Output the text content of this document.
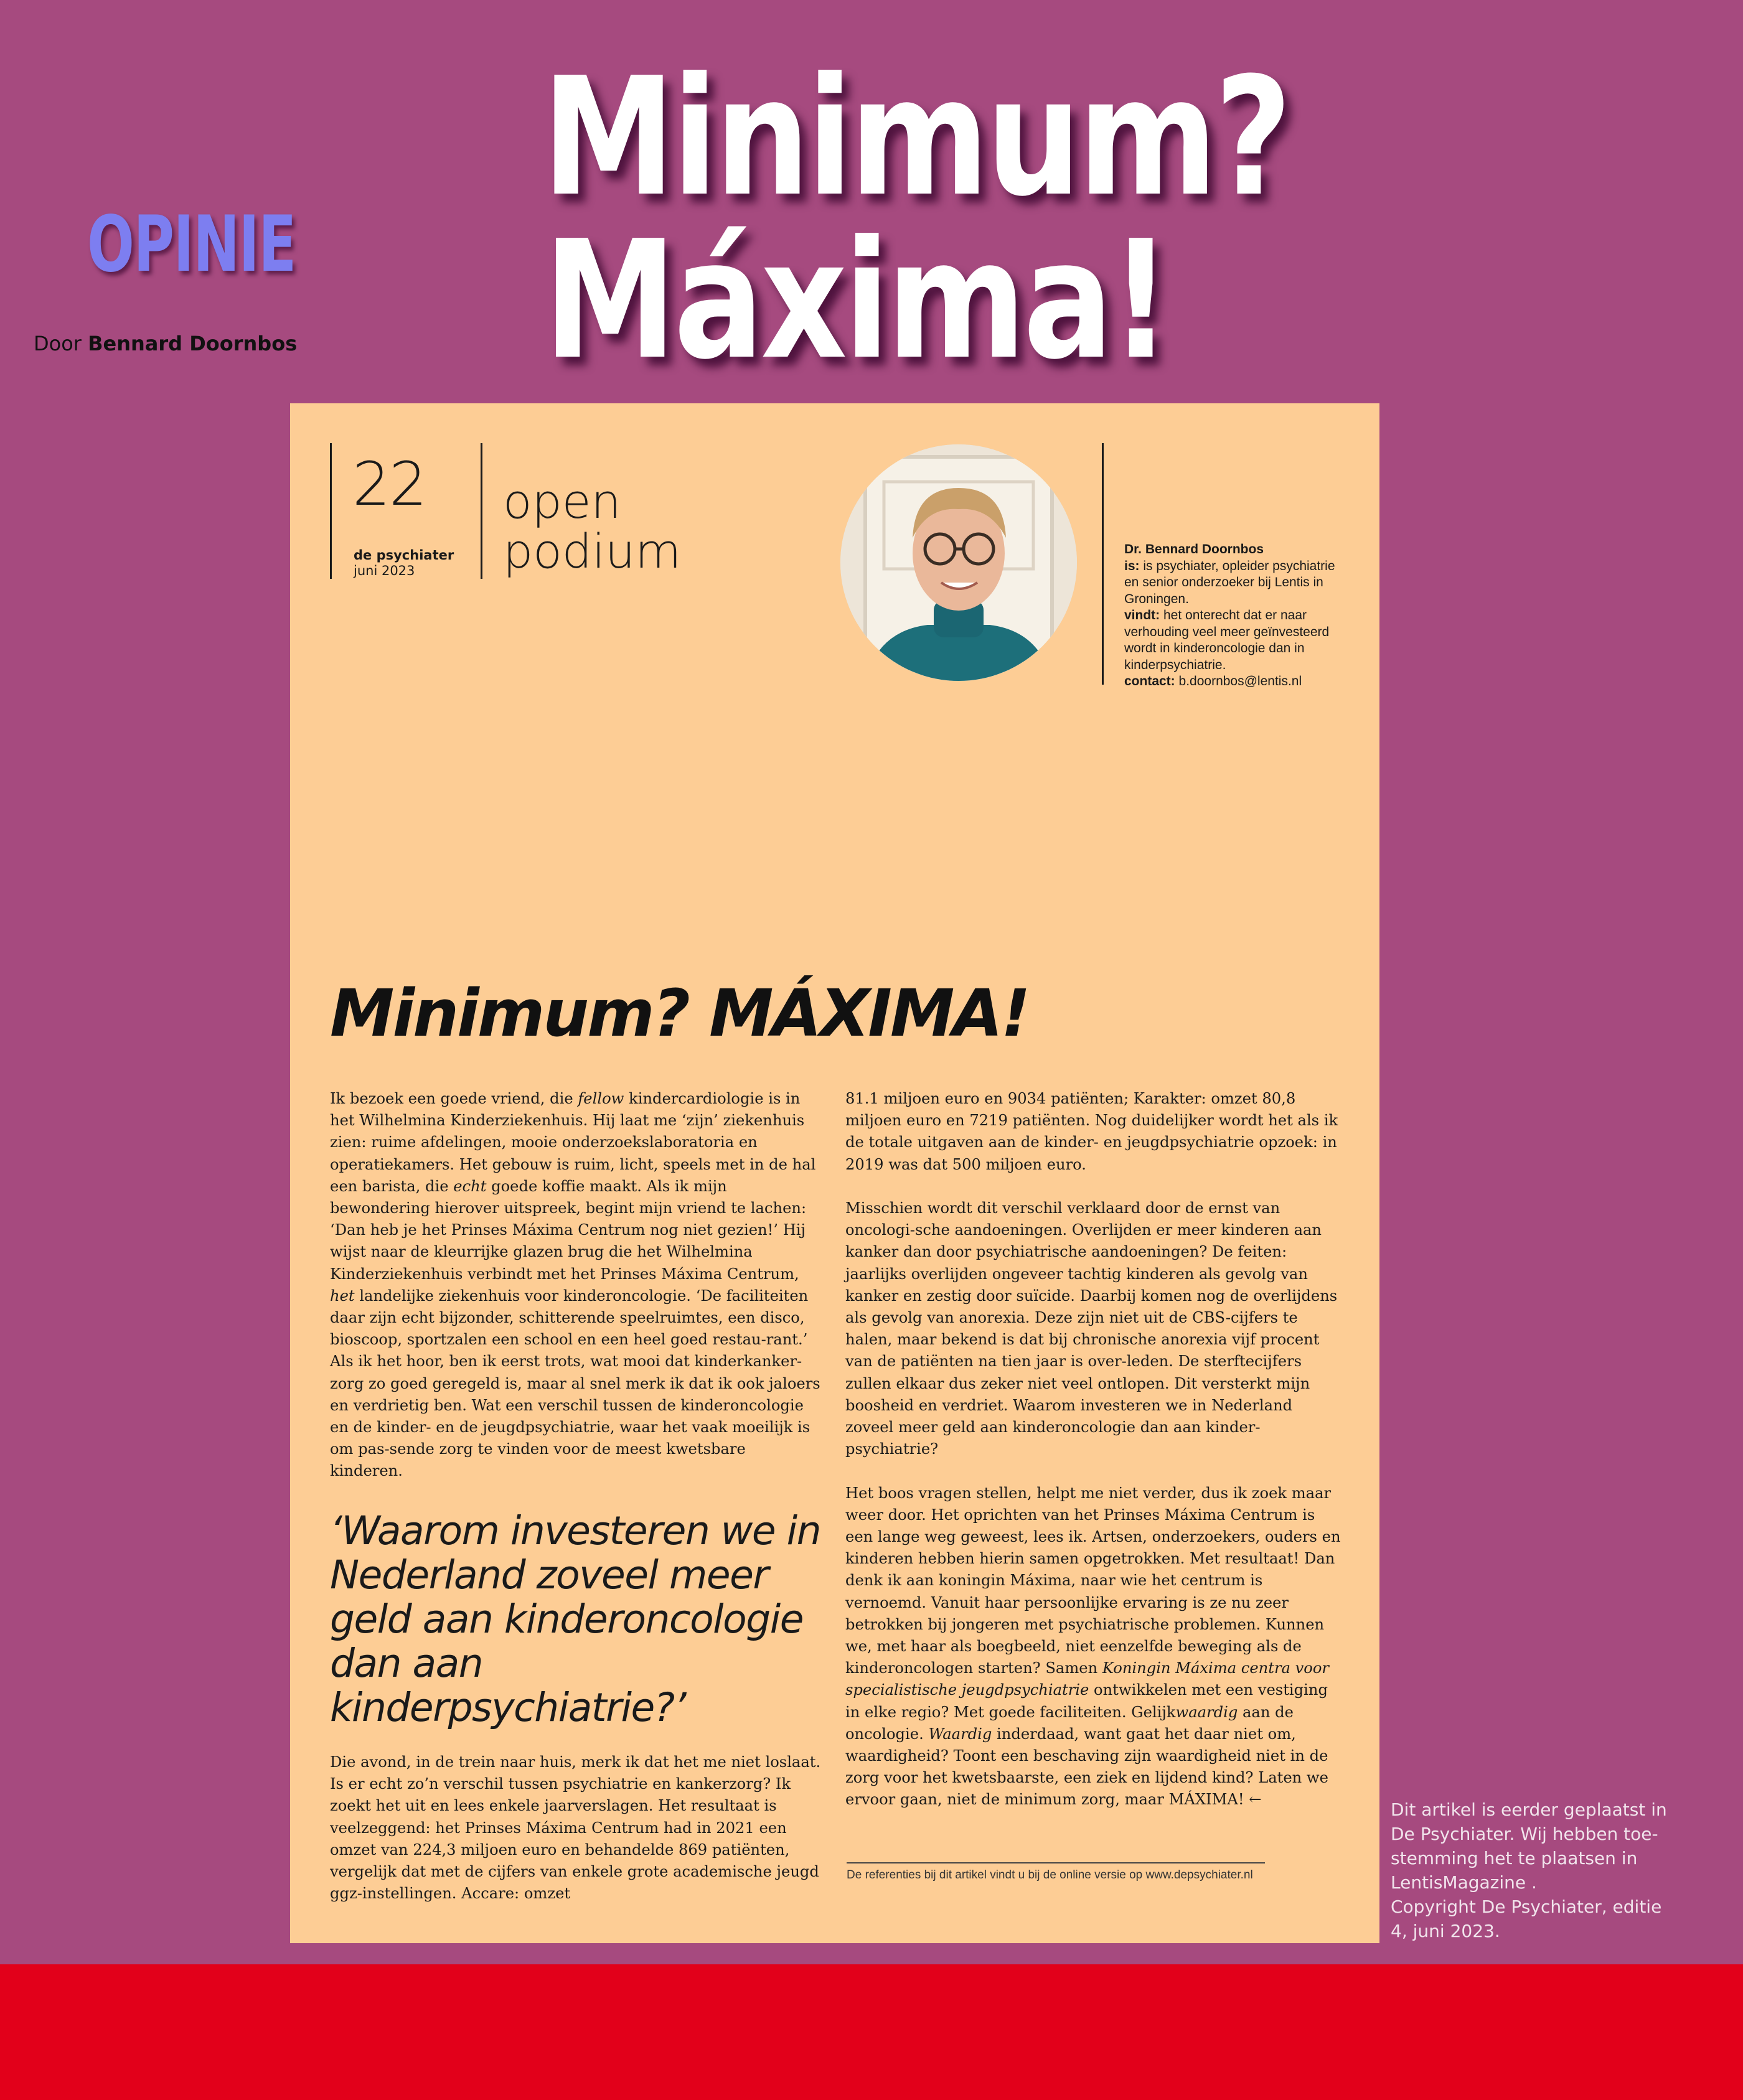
Minimum?
Máxima!
OPINIE
Door Bennard Doornbos
22
de psychiater
juni 2023
open
podium	Dr. Bennard Doornbos
is: is psychiater, opleider psychiatrie en senior onderzoeker bij Lentis in Groningen.
vindt: het onterecht dat er naar verhouding veel meer geïnvesteerd wordt in kinderoncologie dan in kinderpsychiatrie.
contact: b.doornbos@lentis.nl
Minimum? MÁXIMA!

Ik bezoek een goede vriend, die fellow kindercardiologie is in het Wilhelmina Kinderziekenhuis. Hij laat me ‘zijn’ ziekenhuis zien: ruime afdelingen, mooie onderzoekslaboratoria en operatiekamers. Het gebouw is ruim, licht, speels met in de hal een barista, die echt goede koffie maakt. Als ik mijn bewondering hierover uitspreek, begint mijn vriend te lachen: ‘Dan heb je het Prinses Máxima Centrum nog niet gezien!’ Hij wijst naar de kleurrijke glazen brug die het Wilhelmina Kinderziekenhuis verbindt met het Prinses Máxima Centrum, het landelijke ziekenhuis voor kinderoncologie. ‘De faciliteiten daar zijn echt bijzonder, schitterende speelruimtes, een disco, bioscoop, sportzalen een school en een heel goed restau-rant.’ Als ik het hoor, ben ik eerst trots, wat mooi dat kinderkanker-zorg zo goed geregeld is, maar al snel merk ik dat ik ook jaloers en verdrietig ben. Wat een verschil tussen de kinderoncologie en de kinder- en de jeugdpsychiatrie, waar het vaak moeilijk is om pas-sende zorg te vinden voor de meest kwetsbare kinderen.

‘Waarom investeren we in Nederland zoveel meer geld aan kinderoncologie dan aan kinderpsychiatrie?’

Die avond, in de trein naar huis, merk ik dat het me niet loslaat. Is er echt zo’n verschil tussen psychiatrie en kankerzorg? Ik zoekt het uit en lees enkele jaarverslagen. Het resultaat is veelzeggend: het Prinses Máxima Centrum had in 2021 een omzet van 224,3 miljoen euro en behandelde 869 patiënten, vergelijk dat met de cijfers van enkele grote academische jeugd ggz-instellingen. Accare: omzet

81.1 miljoen euro en 9034 patiënten; Karakter: omzet 80,8 miljoen euro en 7219 patiënten. Nog duidelijker wordt het als ik de totale uitgaven aan de kinder- en jeugdpsychiatrie opzoek: in 2019 was dat 500 miljoen euro.

Misschien wordt dit verschil verklaard door de ernst van oncologi-sche aandoeningen. Overlijden er meer kinderen aan kanker dan door psychiatrische aandoeningen? De feiten: jaarlijks overlijden ongeveer tachtig kinderen als gevolg van kanker en zestig door suïcide. Daarbij komen nog de overlijdens als gevolg van anorexia. Deze zijn niet uit de CBS-cijfers te halen, maar bekend is dat bij chronische anorexia vijf procent van de patiënten na tien jaar is over-leden. De sterftecijfers zullen elkaar dus zeker niet veel ontlopen. Dit versterkt mijn boosheid en verdriet. Waarom investeren we in Nederland zoveel meer geld aan kinderoncologie dan aan kinder-psychiatrie?

Het boos vragen stellen, helpt me niet verder, dus ik zoek maar weer door. Het oprichten van het Prinses Máxima Centrum is een lange weg geweest, lees ik. Artsen, onderzoekers, ouders en kinderen hebben hierin samen opgetrokken. Met resultaat! Dan denk ik aan koningin Máxima, naar wie het centrum is vernoemd. Vanuit haar persoonlijke ervaring is ze nu zeer betrokken bij jongeren met psychiatrische problemen. Kunnen we, met haar als boegbeeld, niet eenzelfde beweging als de kinderoncologen starten? Samen Koningin Máxima centra voor specialistische jeugdpsychiatrie ontwikkelen met een vestiging in elke regio? Met goede faciliteiten. Gelijkwaardig aan de oncologie. Waardig inderdaad, want gaat het daar niet om, waardigheid? Toont een beschaving zijn waardigheid niet in de zorg voor het kwetsbaarste, een ziek en lijdend kind? Laten we ervoor gaan, niet de minimum zorg, maar MÁXIMA! ←

De referenties bij dit artikel vindt u bij de online versie op www.depsychiater.nl

Dit artikel is eerder geplaatst in De Psychiater. Wij hebben toe-stemming het te plaatsen in LentisMagazine .

Copyright De Psychiater, editie 4, juni 2023.
